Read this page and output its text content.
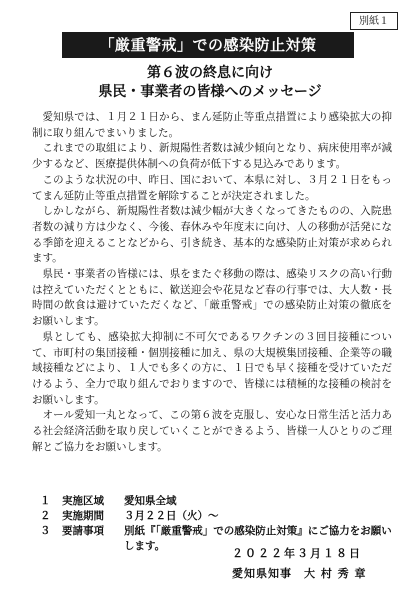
別紙１
「厳重警戒」での感染防止対策
第６波の終息に向け
県民・事業者の皆様へのメッセージ

愛知県では、１月２１日から、まん延防止等重点措置により感染拡大の抑制に取り組んでまいりました。

これまでの取組により、新規陽性者数は減少傾向となり、病床使用率が減少するなど、医療提供体制への負荷が低下する見込みであります。

このような状況の中、昨日、国において、本県に対し、３月２１日をもってまん延防止等重点措置を解除することが決定されました。

しかしながら、新規陽性者数は減少幅が大きくなってきたものの、入院患者数の減り方は少なく、今後、春休みや年度末に向け、人の移動が活発になる季節を迎えることなどから、引き続き、基本的な感染防止対策が求められます。

県民・事業者の皆様には、県をまたぐ移動の際は、感染リスクの高い行動は控えていただくとともに、歓送迎会や花見など春の行事では、大人数・長時間の飲食は避けていただくなど、「厳重警戒」での感染防止対策の徹底をお願いします。

県としても、感染拡大抑制に不可欠であるワクチンの３回目接種について、市町村の集団接種・個別接種に加え、県の大規模集団接種、企業等の職域接種などにより、１人でも多くの方に、１日でも早く接種を受けていただけるよう、全力で取り組んでおりますので、皆様には積極的な接種の検討をお願いします。

オール愛知一丸となって、この第６波を克服し、安心な日常生活と活力ある社会経済活動を取り戻していくことができるよう、皆様一人ひとりのご理解とご協力をお願いします。

１	実施区域	愛知県全域
２	実施期間	３月２２日（火）～
３	要請事項	別紙『「厳重警戒」での感染防止対策』にご協力をお願いします。
２０２２年３月１８日
愛知県知事　大 村 秀 章
